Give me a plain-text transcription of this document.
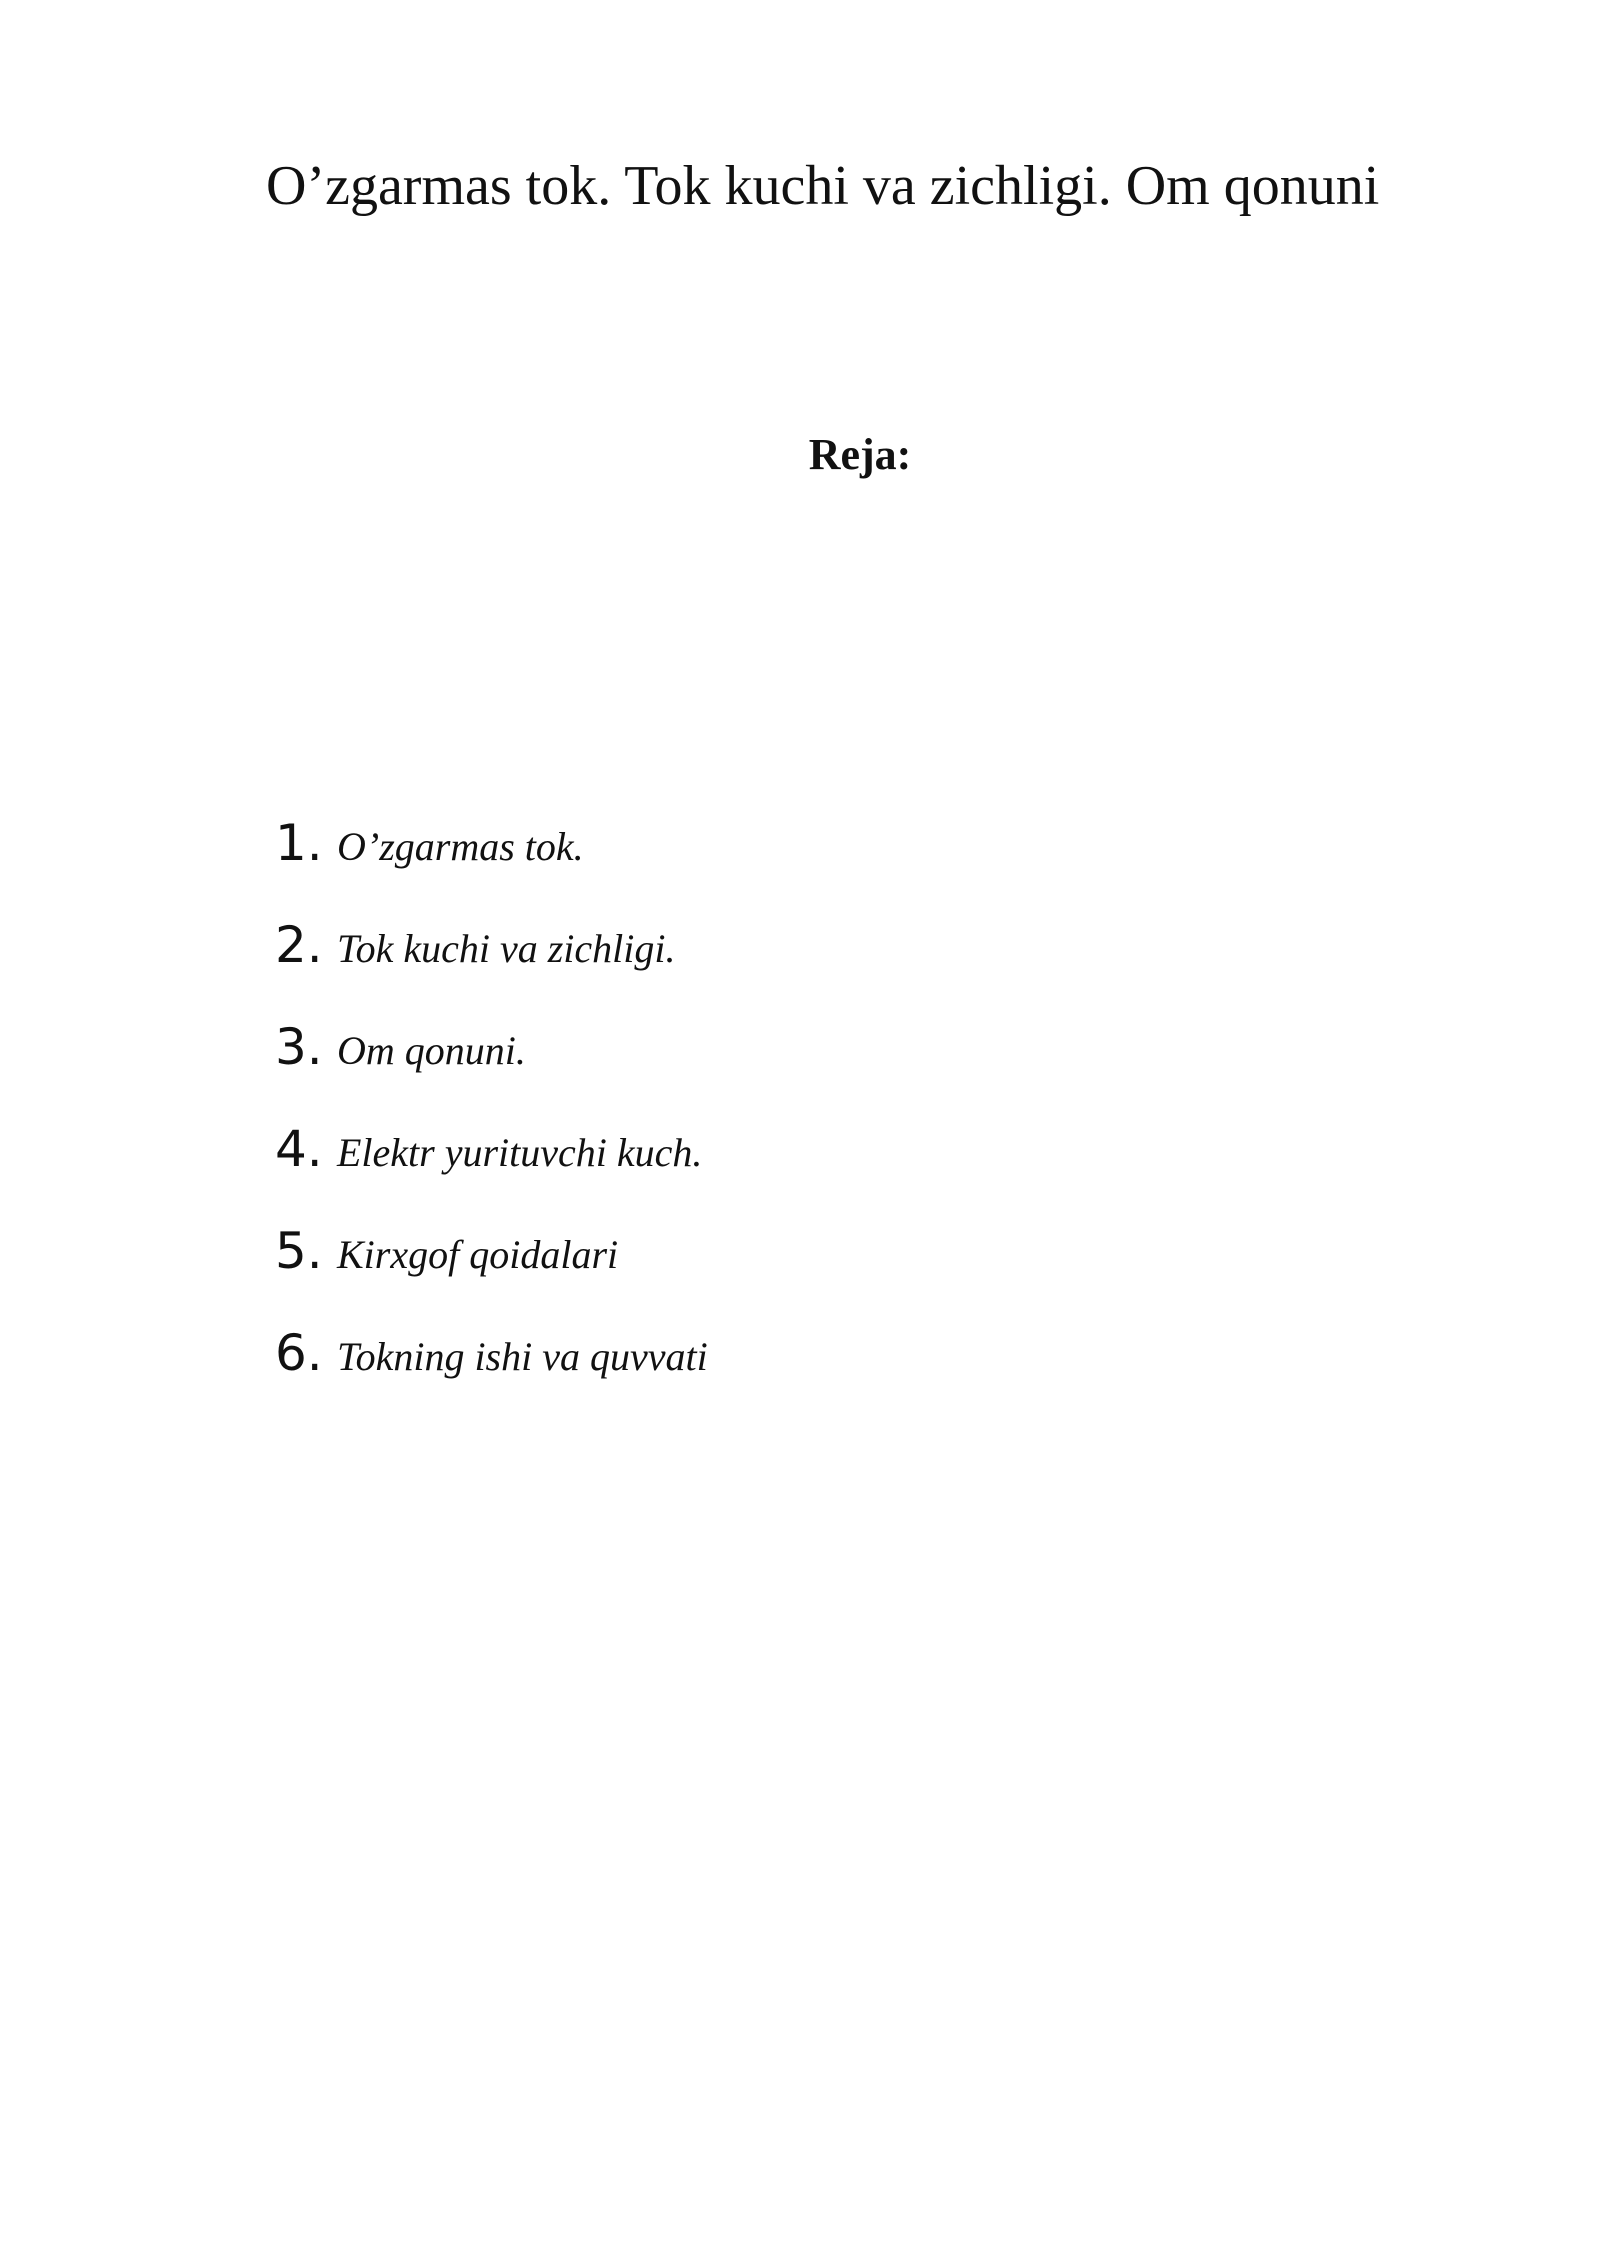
O’zgarmas tok. Tok kuchi va zichligi. Om qonuni
Reja:
1. O’zgarmas tok.
2. Tok kuchi va zichligi.
3. Om qonuni.
4. Elektr yurituvchi kuch.
5. Kirxgof qoidalari
6. Tokning ishi va quvvati
